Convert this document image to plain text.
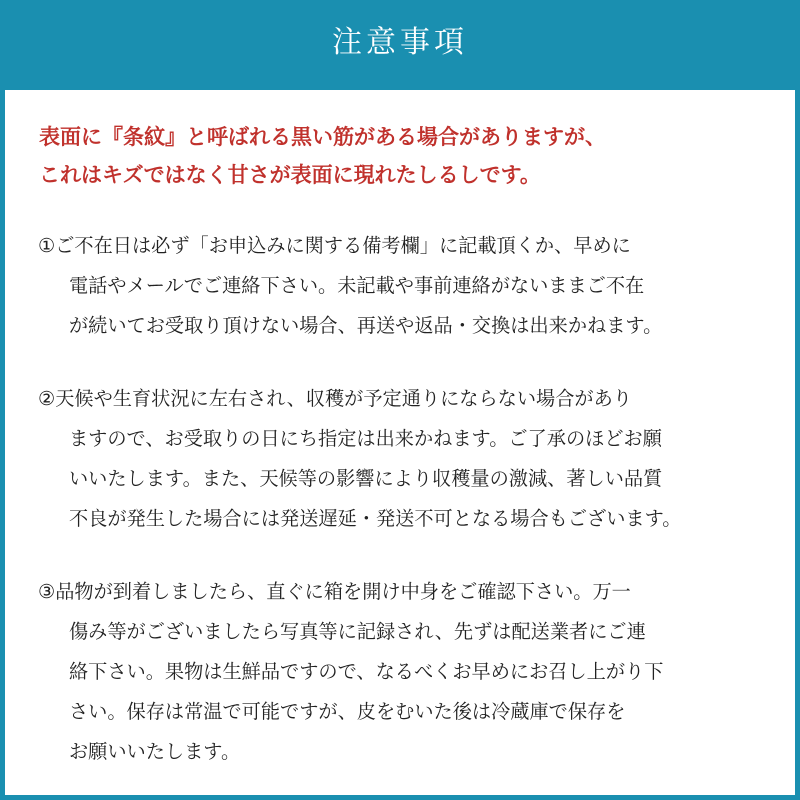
注意事項
表面に『条紋』と呼ばれる黒い筋がある場合がありますが、
これはキズではなく甘さが表面に現れたしるしです。
①ご不在日は必ず「お申込みに関する備考欄」に記載頂くか、早めに
電話やメールでご連絡下さい。未記載や事前連絡がないままご不在
が続いてお受取り頂けない場合、再送や返品・交換は出来かねます。
②天候や生育状況に左右され、収穫が予定通りにならない場合があり
ますので、お受取りの日にち指定は出来かねます。ご了承のほどお願
いいたします。また、天候等の影響により収穫量の激減、著しい品質
不良が発生した場合には発送遅延・発送不可となる場合もございます。
③品物が到着しましたら、直ぐに箱を開け中身をご確認下さい。万一
傷み等がございましたら写真等に記録され、先ずは配送業者にご連
絡下さい。果物は生鮮品ですので、なるべくお早めにお召し上がり下
さい。保存は常温で可能ですが、皮をむいた後は冷蔵庫で保存を
お願いいたします。
